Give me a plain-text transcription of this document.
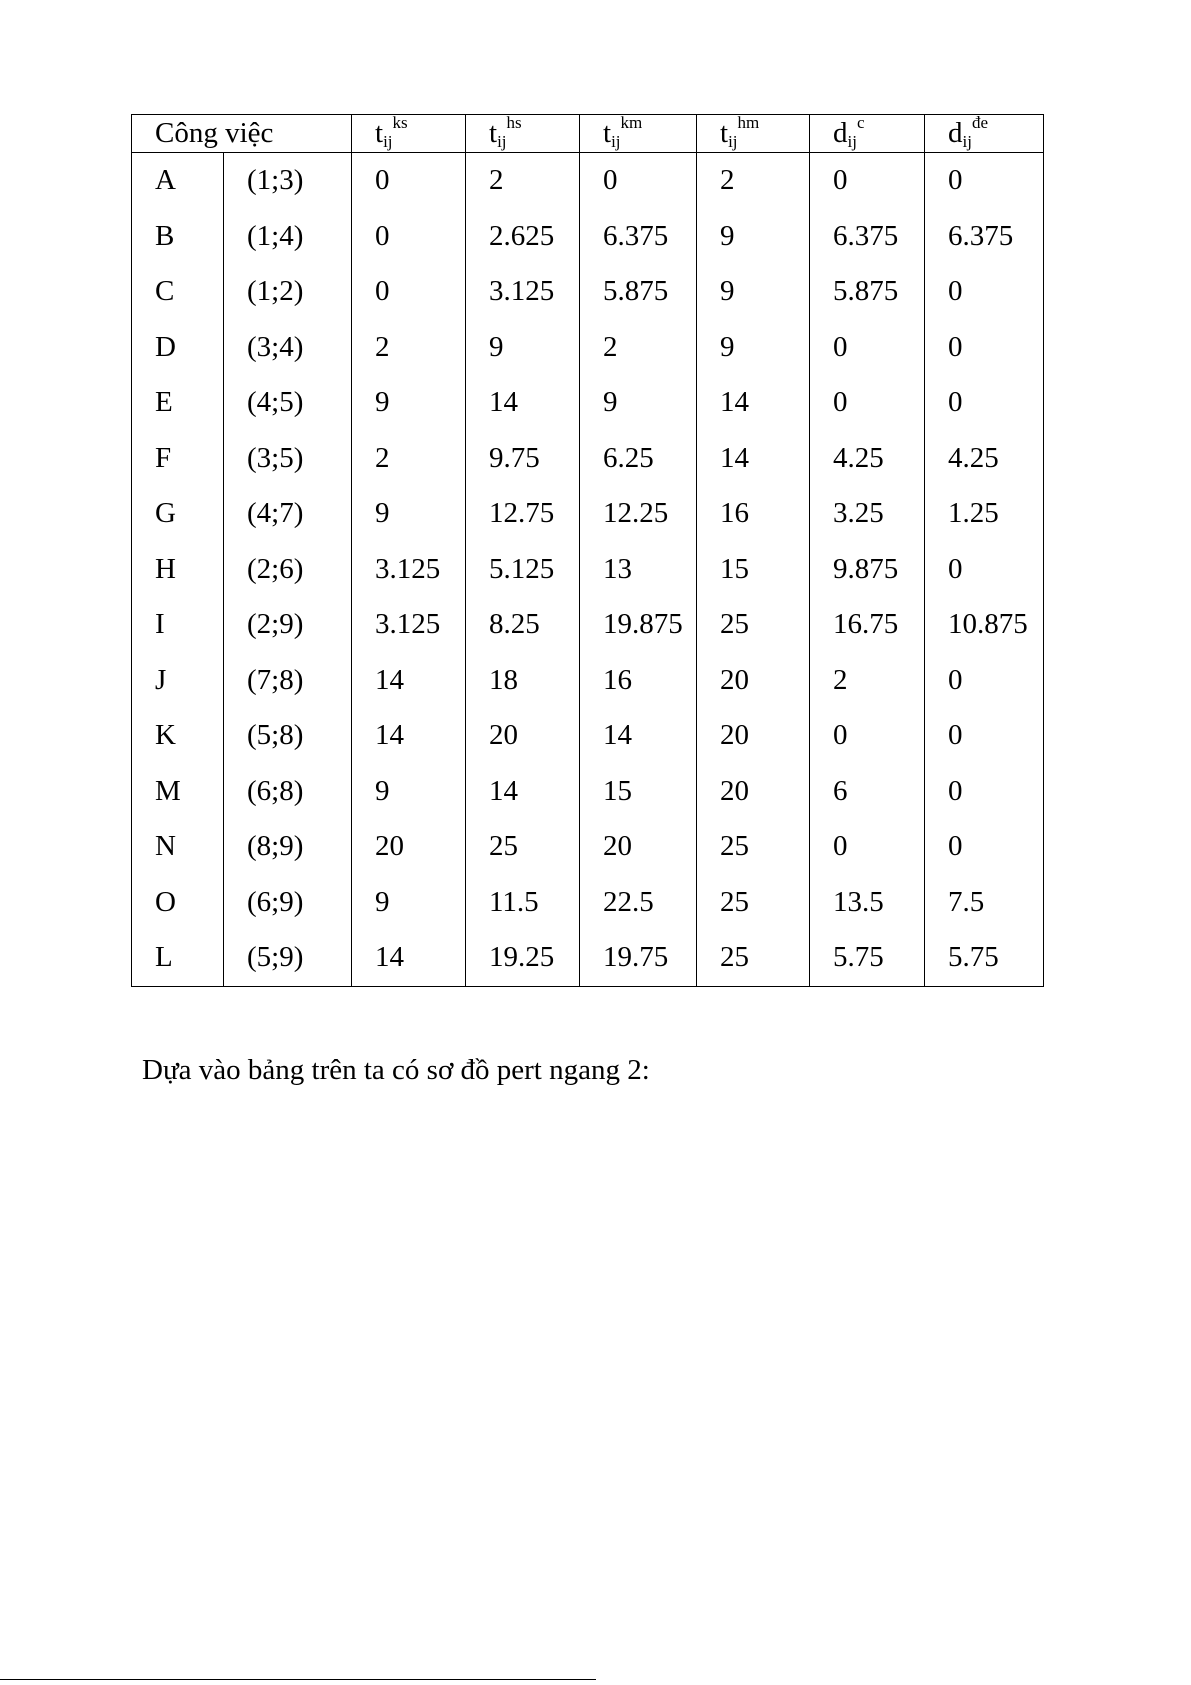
Công việc		$t_{ij}^{ks}$	$t_{ij}^{hs}$	$t_{ij}^{km}$	$t_{ij}^{hm}$	$d_{ij}^c$	$d_{ij}^{đe}$
A	(1;3)	0	2	0	2	0	0
B	(1;4)	0	2.625	6.375	9	6.375	6.375
C	(1;2)	0	3.125	5.875	9	5.875	0
D	(3;4)	2	9	2	9	0	0
E	(4;5)	9	14	9	14	0	0
F	(3;5)	2	9.75	6.25	14	4.25	4.25
G	(4;7)	9	12.75	12.25	16	3.25	1.25
H	(2;6)	3.125	5.125	13	15	9.875	0
I	(2;9)	3.125	8.25	19.875	25	16.75	10.875
J	(7;8)	14	18	16	20	2	0
K	(5;8)	14	20	14	20	0	0
M	(6;8)	9	14	15	20	6	0
N	(8;9)	20	25	20	25	0	0
O	(6;9)	9	11.5	22.5	25	13.5	7.5
L	(5;9)	14	19.25	19.75	25	5.75	5.75
Dựa vào bảng trên ta có sơ đồ pert ngang 2:
